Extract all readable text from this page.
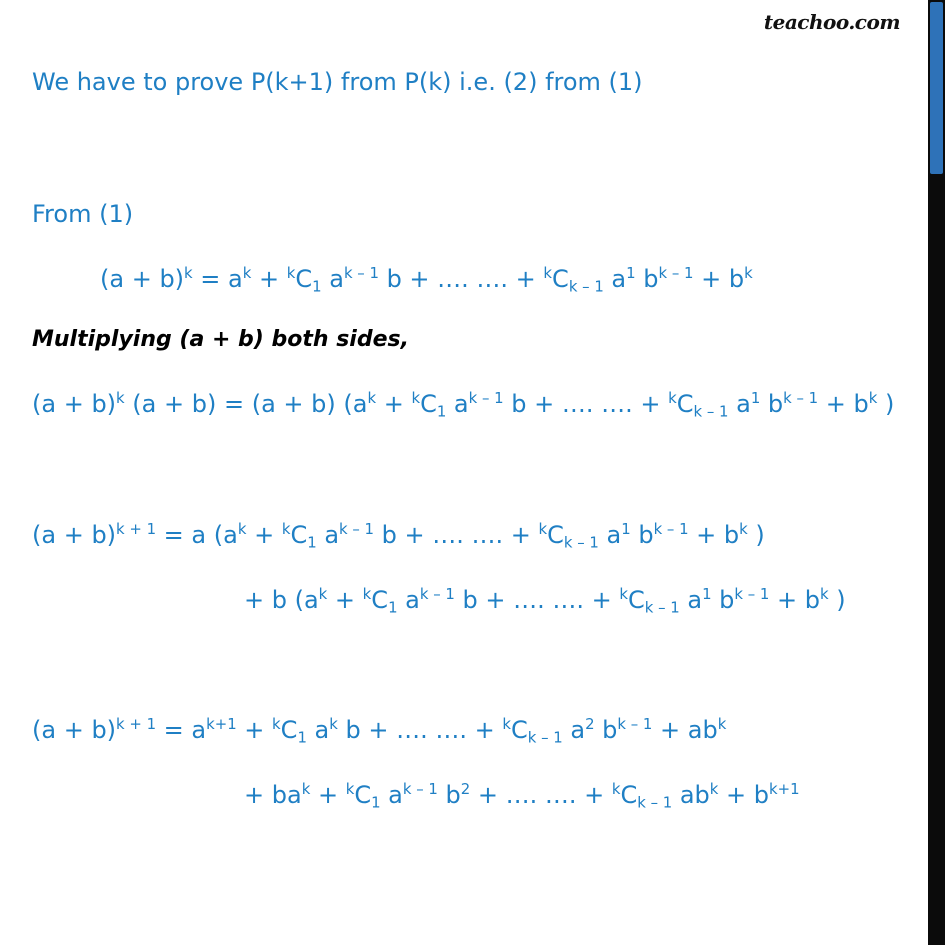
teachoo.com
We have to prove P(k+1) from P(k) i.e. (2) from (1)
From (1)
$(a + b)^k = a^k + ^kC_1$ $a^{k - 1}$ b + …. …. + $^kC_{k - 1}$ $a^1$ $b^{k - 1} + b^k$
Multiplying (a + b) both sides,
$(a + b)^k$ (a + b) = (a + b) ($a^k + ^kC_1$ $a^{k - 1}$ b + …. …. + $^kC_{k - 1}$ $a^1$ $b^{k - 1} + b^k$ )
$(a + b)^{k + 1} = a$ ($a^k + ^kC_1$ $a^{k - 1}$ b + …. …. + $^kC_{k - 1}$ $a^1$ $b^{k - 1} + b^k$ )
+ b ($a^k + ^kC_1$ $a^{k - 1}$ b + …. …. + $^kC_{k - 1}$ $a^1$ $b^{k - 1} + b^k$ )
$(a + b)^{k + 1} = a^{k+1} + ^kC_1$ $a^k$ b + …. …. + $^kC_{k - 1}$ $a^2$ $b^{k - 1} + ab^k$
+ $ba^k + ^kC_1$ $a^{k - 1}$ $b^2$ + …. …. + $^kC_{k - 1}$ $ab^k + b^{k+1}$
